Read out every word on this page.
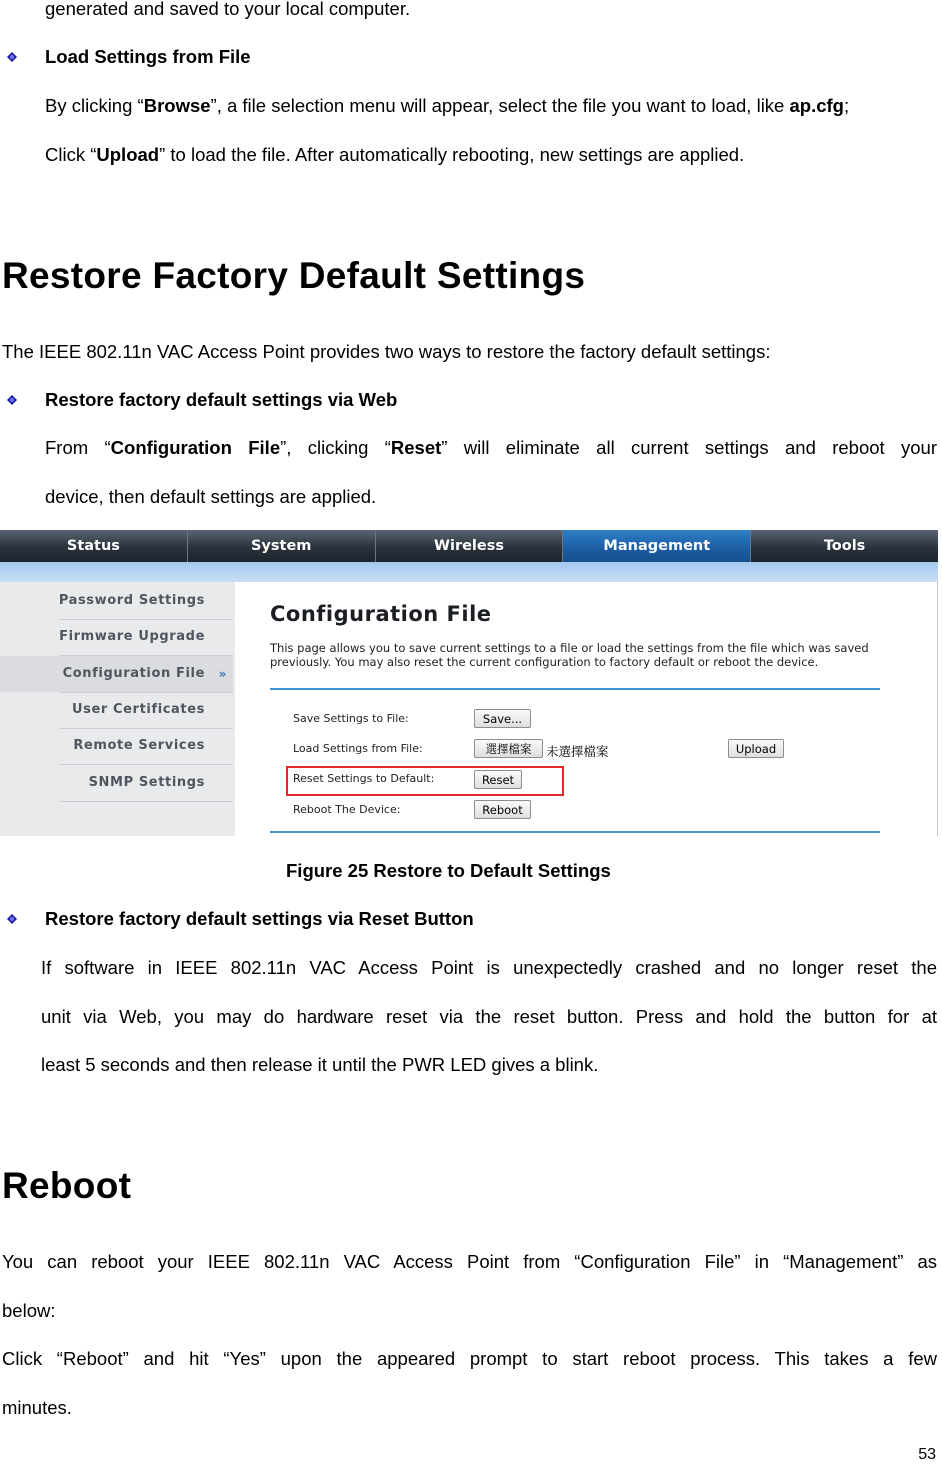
generated and saved to your local computer.
Load Settings from File
By clicking “Browse”, a file selection menu will appear, select the file you want to load, like ap.cfg;
Click “Upload” to load the file. After automatically rebooting, new settings are applied.
Restore Factory Default Settings
The IEEE 802.11n VAC Access Point provides two ways to restore the factory default settings:
Restore factory default settings via Web
From “Configuration File”, clicking “Reset” will eliminate all current settings and reboot your
device, then default settings are applied.
Status	System	Wireless	Management	Tools
Password Settings
Firmware Upgrade
Configuration File »
User Certificates
Remote Services
SNMP Settings
Configuration File
This page allows you to save current settings to a file or load the settings from the file which was saved previously. You may also reset the current configuration to factory default or reboot the device.
Save Settings to File:	Save...
Load Settings from File:	選擇檔案	未選擇檔案	Upload
Reset Settings to Default:	Reset
Reboot The Device:	Reboot
Figure 25 Restore to Default Settings
Restore factory default settings via Reset Button
If software in IEEE 802.11n VAC Access Point is unexpectedly crashed and no longer reset the
unit via Web, you may do hardware reset via the reset button. Press and hold the button for at
least 5 seconds and then release it until the PWR LED gives a blink.
Reboot
You can reboot your IEEE 802.11n VAC Access Point from “Configuration File” in “Management” as
below:
Click “Reboot” and hit “Yes” upon the appeared prompt to start reboot process. This takes a few
minutes.
53
